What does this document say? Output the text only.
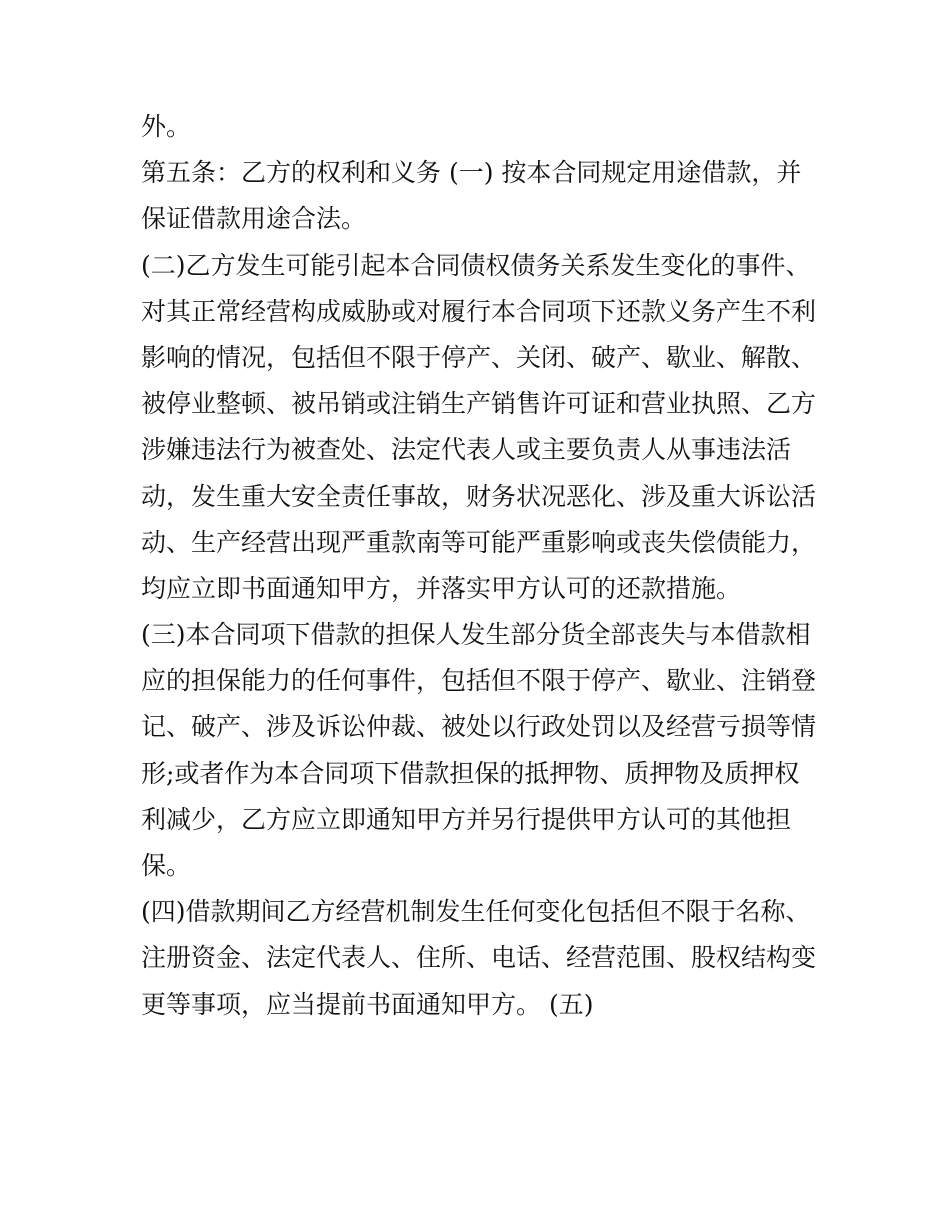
外。
第五条：乙方的权利和义务 (一) 按本合同规定用途借款，并
保证借款用途合法。
(二)乙方发生可能引起本合同债权债务关系发生变化的事件、
对其正常经营构成威胁或对履行本合同项下还款义务产生不利
影响的情况，包括但不限于停产、关闭、破产、歇业、解散、
被停业整顿、被吊销或注销生产销售许可证和营业执照、乙方
涉嫌违法行为被查处、法定代表人或主要负责人从事违法活
动，发生重大安全责任事故，财务状况恶化、涉及重大诉讼活
动、生产经营出现严重款南等可能严重影响或丧失偿债能力，
均应立即书面通知甲方，并落实甲方认可的还款措施。
(三)本合同项下借款的担保人发生部分货全部丧失与本借款相
应的担保能力的任何事件，包括但不限于停产、歇业、注销登
记、破产、涉及诉讼仲裁、被处以行政处罚以及经营亏损等情
形;或者作为本合同项下借款担保的抵押物、质押物及质押权
利减少，乙方应立即通知甲方并另行提供甲方认可的其他担
保。
(四)借款期间乙方经营机制发生任何变化包括但不限于名称、
注册资金、法定代表人、住所、电话、经营范围、股权结构变
更等事项，应当提前书面通知甲方。 (五)
